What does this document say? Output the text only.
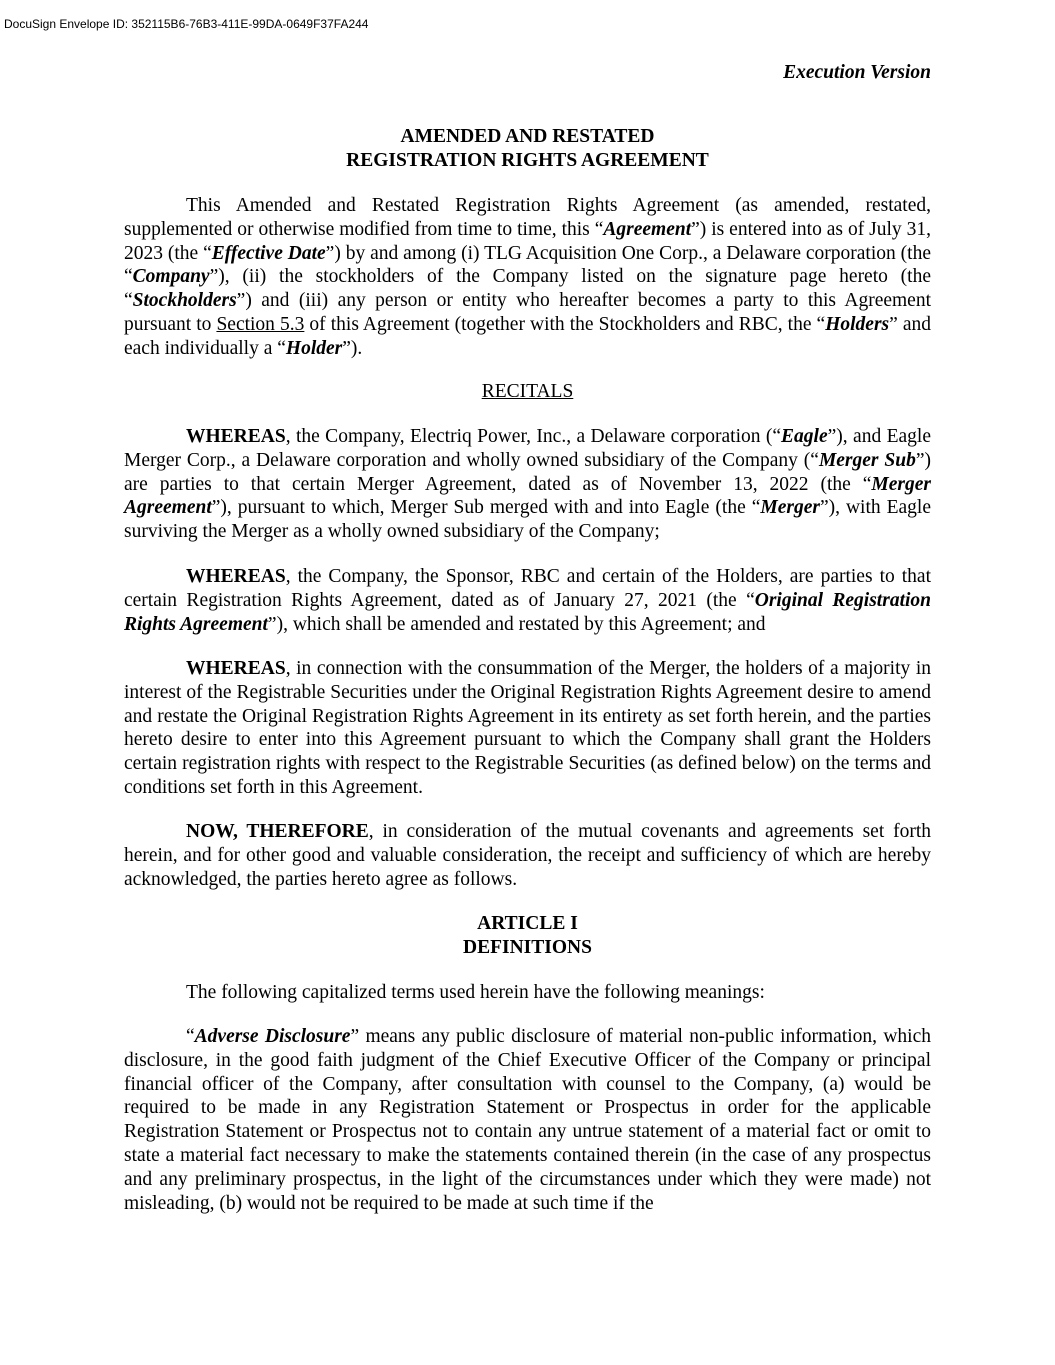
DocuSign Envelope ID: 352115B6-76B3-411E-99DA-0649F37FA244
Execution Version
AMENDED AND RESTATED
REGISTRATION RIGHTS AGREEMENT

This Amended and Restated Registration Rights Agreement (as amended, restated, supplemented or otherwise modified from time to time, this “Agreement”) is entered into as of July 31, 2023 (the “Effective Date”) by and among (i) TLG Acquisition One Corp., a Delaware corporation (the “Company”), (ii) the stockholders of the Company listed on the signature page hereto (the “Stockholders”) and (iii) any person or entity who hereafter becomes a party to this Agreement pursuant to Section 5.3 of this Agreement (together with the Stockholders and RBC, the “Holders” and each individually a “Holder”).

RECITALS

WHEREAS, the Company, Electriq Power, Inc., a Delaware corporation (“Eagle”), and Eagle Merger Corp., a Delaware corporation and wholly owned subsidiary of the Company (“Merger Sub”) are parties to that certain Merger Agreement, dated as of November 13, 2022 (the “Merger Agreement”), pursuant to which, Merger Sub merged with and into Eagle (the “Merger”), with Eagle surviving the Merger as a wholly owned subsidiary of the Company;

WHEREAS, the Company, the Sponsor, RBC and certain of the Holders, are parties to that certain Registration Rights Agreement, dated as of January 27, 2021 (the “Original Registration Rights Agreement”), which shall be amended and restated by this Agreement; and

WHEREAS, in connection with the consummation of the Merger, the holders of a majority in interest of the Registrable Securities under the Original Registration Rights Agreement desire to amend and restate the Original Registration Rights Agreement in its entirety as set forth herein, and the parties hereto desire to enter into this Agreement pursuant to which the Company shall grant the Holders certain registration rights with respect to the Registrable Securities (as defined below) on the terms and conditions set forth in this Agreement.

NOW, THEREFORE, in consideration of the mutual covenants and agreements set forth herein, and for other good and valuable consideration, the receipt and sufficiency of which are hereby acknowledged, the parties hereto agree as follows.

ARTICLE I
DEFINITIONS

The following capitalized terms used herein have the following meanings:

“Adverse Disclosure” means any public disclosure of material non-public information, which disclosure, in the good faith judgment of the Chief Executive Officer of the Company or principal financial officer of the Company, after consultation with counsel to the Company, (a) would be required to be made in any Registration Statement or Prospectus in order for the applicable Registration Statement or Prospectus not to contain any untrue statement of a material fact or omit to state a material fact necessary to make the statements contained therein (in the case of any prospectus and any preliminary prospectus, in the light of the circumstances under which they were made) not misleading, (b) would not be required to be made at such time if the
